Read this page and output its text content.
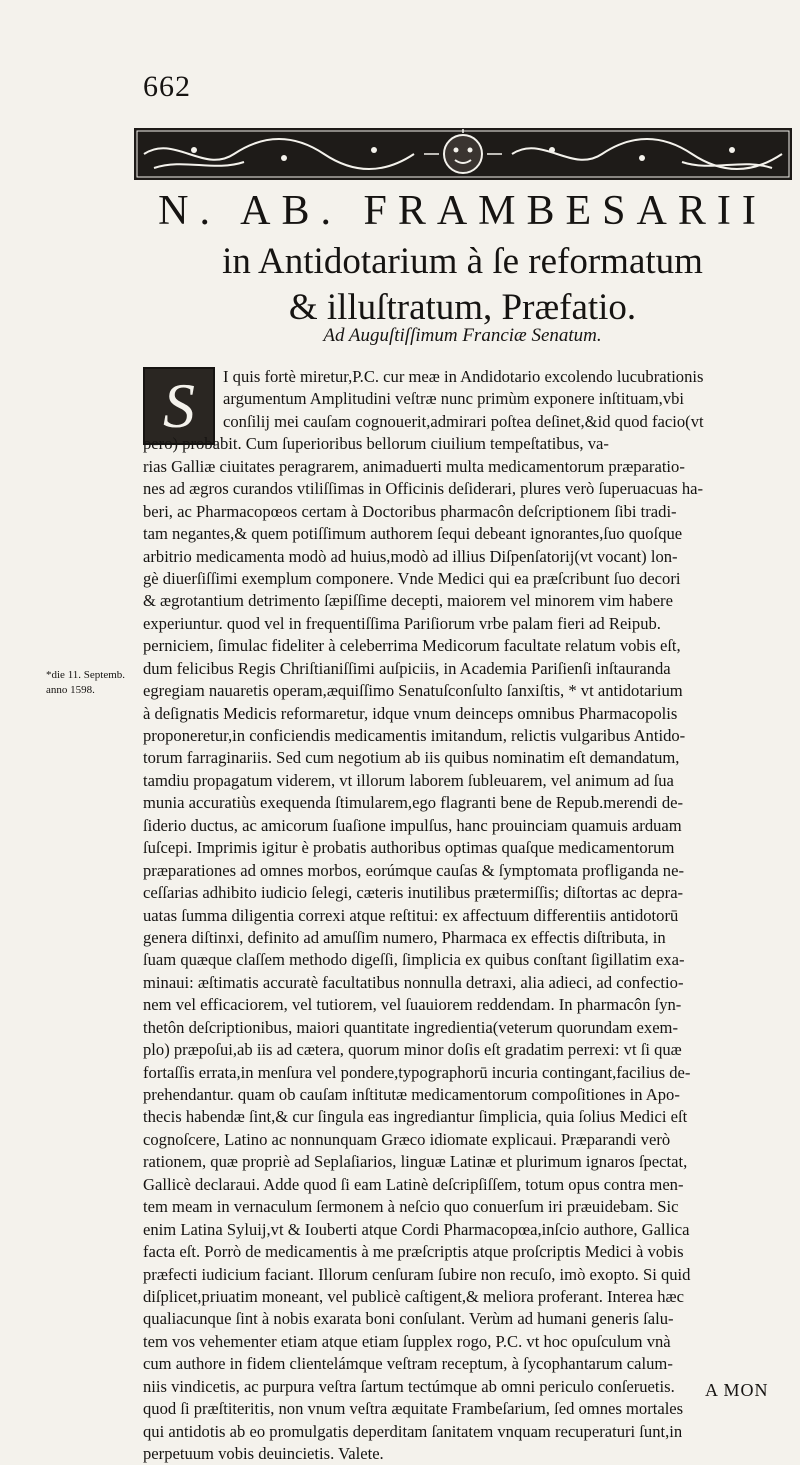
662
N. AB. FRAMBESARII
in Antidotarium à ſe reformatum
& illuſtratum, Præfatio.
Ad Auguſtiſſimum Franciæ Senatum.
S	I quis fortè miretur,P.C. cur meæ in Andidotario excolendo lucubrationis
argumentum Amplitudini veſtræ nunc primùm exponere inſtituam,vbi
conſilij mei cauſam cognouerit,admirari poſtea deſinet,&id quod facio(vt
pero) probabit. Cum ſuperioribus bellorum ciuilium tempeſtatibus, va-
rias Galliæ ciuitates peragrarem, animaduerti multa medicamentorum præparatio-
nes ad ægros curandos vtiliſſimas in Officinis deſiderari, plures verò ſuperuacuas ha-
beri, ac Pharmacopœos certam à Doctoribus pharmacôn deſcriptionem ſibi tradi-
tam negantes,& quem potiſſimum authorem ſequi debeant ignorantes,ſuo quoſque
arbitrio medicamenta modò ad huius,modò ad illius Diſpenſatorij(vt vocant) lon-
gè diuerſiſſimi exemplum componere. Vnde Medici qui ea præſcribunt ſuo decori
& ægrotantium detrimento ſæpiſſime decepti, maiorem vel minorem vim habere
experiuntur. quod vel in frequentiſſima Pariſiorum vrbe palam fieri ad Reipub.
perniciem, ſimulac fideliter à celeberrima Medicorum facultate relatum vobis eſt,
dum felicibus Regis Chriſtianiſſimi auſpiciis, in Academia Pariſienſi inſtauranda
egregiam nauaretis operam,æquiſſimo Senatuſconſulto ſanxiſtis, * vt antidotarium
à deſignatis Medicis reformaretur, idque vnum deinceps omnibus Pharmacopolis
proponeretur,in conficiendis medicamentis imitandum, relictis vulgaribus Antido-
torum farraginariis. Sed cum negotium ab iis quibus nominatim eſt demandatum,
tamdiu propagatum viderem, vt illorum laborem ſubleuarem, vel animum ad ſua
munia accuratiùs exequenda ſtimularem,ego flagranti bene de Repub.merendi de-
ſiderio ductus, ac amicorum ſuaſione impulſus, hanc prouinciam quamuis arduam
ſuſcepi. Imprimis igitur è probatis authoribus optimas quaſque medicamentorum
præparationes ad omnes morbos, eorúmque cauſas & ſymptomata profliganda ne-
ceſſarias adhibito iudicio ſelegi, cæteris inutilibus prætermiſſis; diſtortas ac depra-
uatas ſumma diligentia correxi atque reſtitui: ex affectuum differentiis antidotorū
genera diſtinxi, definito ad amuſſim numero, Pharmaca ex effectis diſtributa, in
ſuam quæque claſſem methodo digeſſi, ſimplicia ex quibus conſtant ſigillatim exa-
minaui: æſtimatis accuratè facultatibus nonnulla detraxi, alia adieci, ad confectio-
nem vel efficaciorem, vel tutiorem, vel ſuauiorem reddendam. In pharmacôn ſyn-
thetôn deſcriptionibus, maiori quantitate ingredientia(veterum quorundam exem-
plo) præpoſui,ab iis ad cætera, quorum minor doſis eſt gradatim perrexi: vt ſi quæ
fortaſſis errata,in menſura vel pondere,typographorū incuria contingant,facilius de-
prehendantur. quam ob cauſam inſtitutæ medicamentorum compoſitiones in Apo-
thecis habendæ ſint,& cur ſingula eas ingrediantur ſimplicia, quia ſolius Medici eſt
cognoſcere, Latino ac nonnunquam Græco idiomate explicaui. Præparandi verò
rationem, quæ propriè ad Seplaſiarios, linguæ Latinæ et plurimum ignaros ſpectat,
Gallicè declaraui. Adde quod ſi eam Latinè deſcripſiſſem, totum opus contra men-
tem meam in vernaculum ſermonem à neſcio quo conuerſum iri præuidebam. Sic
enim Latina Syluij,vt & Iouberti atque Cordi Pharmacopœa,inſcio authore, Gallica
facta eſt. Porrò de medicamentis à me præſcriptis atque proſcriptis Medici à vobis
præfecti iudicium faciant. Illorum cenſuram ſubire non recuſo, imò exopto. Si quid
diſplicet,priuatim moneant, vel publicè caſtigent,& meliora proferant. Interea hæc
qualiacunque ſint à nobis exarata boni conſulant. Verùm ad humani generis ſalu-
tem vos vehementer etiam atque etiam ſupplex rogo, P.C. vt hoc opuſculum vnà
cum authore in fidem clientelámque veſtram receptum, à ſycophantarum calum-
niis vindicetis, ac purpura veſtra ſartum tectúmque ab omni periculo conſeruetis.
quod ſi præſtiteritis, non vnum veſtra æquitate Frambeſarium, ſed omnes mortales
qui antidotis ab eo promulgatis deperditam ſanitatem vnquam recuperaturi ſunt,in
perpetuum vobis deuincietis. Valete.
*die 11. Septemb.
anno 1598.
A MON
